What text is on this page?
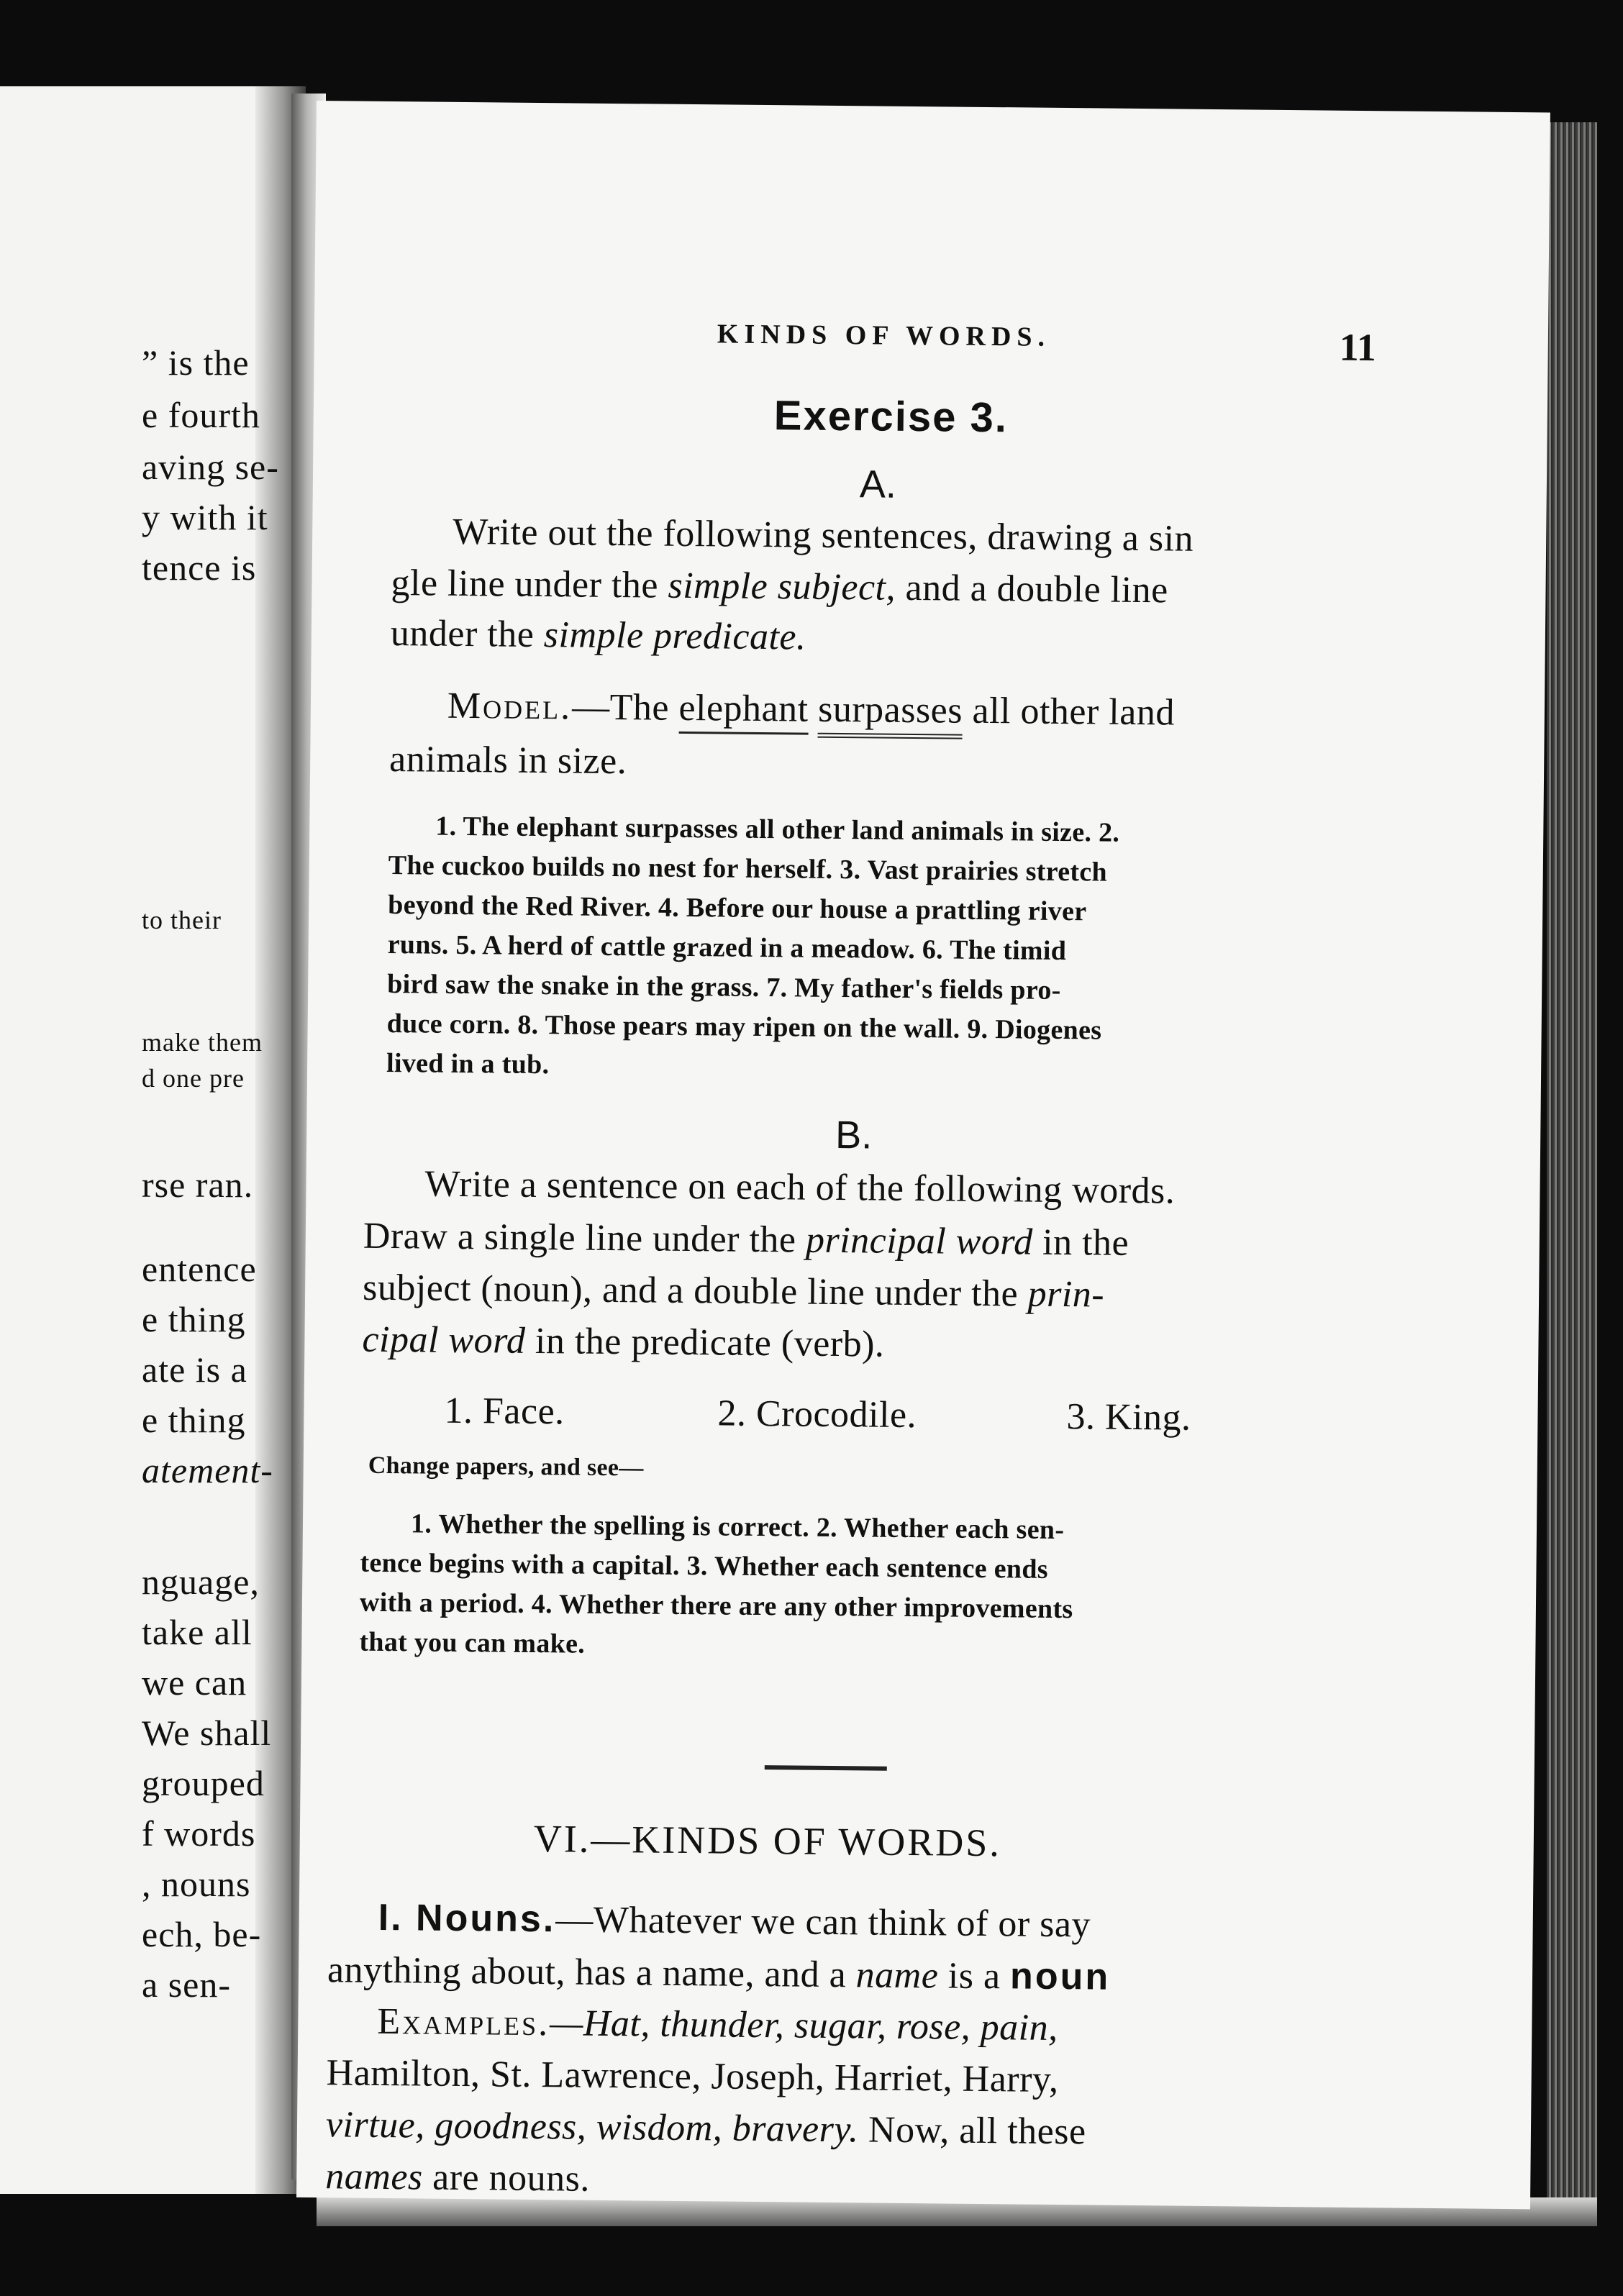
” is the
e fourth
aving se-
y with it
tence is
to their
make them
d one pre
rse ran.
entence
e thing
ate is a
e thing
atement-
nguage,
take all
we can
We shall
grouped
f words
, nouns
ech, be-
a sen-
KINDS OF WORDS.	11
Exercise 3.
A.
Write out the following sentences, drawing a sin
gle line under the simple subject, and a double line
under the simple predicate.
Model.—The elephant surpasses all other land
animals in size.
1. The elephant surpasses all other land animals in size. 2.
The cuckoo builds no nest for herself. 3. Vast prairies stretch
beyond the Red River. 4. Before our house a prattling river
runs. 5. A herd of cattle grazed in a meadow. 6. The timid
bird saw the snake in the grass. 7. My father's fields pro-
duce corn. 8. Those pears may ripen on the wall. 9. Diogenes
lived in a tub.
B.
Write a sentence on each of the following words.
Draw a single line under the principal word in the
subject (noun), and a double line under the prin-
cipal word in the predicate (verb).
1. Face.	2. Crocodile.	3. King.
Change papers, and see—
1. Whether the spelling is correct. 2. Whether each sen-
tence begins with a capital. 3. Whether each sentence ends
with a period. 4. Whether there are any other improvements
that you can make.
VI.—KINDS OF WORDS.
I. Nouns.—Whatever we can think of or say
anything about, has a name, and a name is a noun
Examples.—Hat, thunder, sugar, rose, pain,
Hamilton, St. Lawrence, Joseph, Harriet, Harry,
virtue, goodness, wisdom, bravery. Now, all these
names are nouns.
